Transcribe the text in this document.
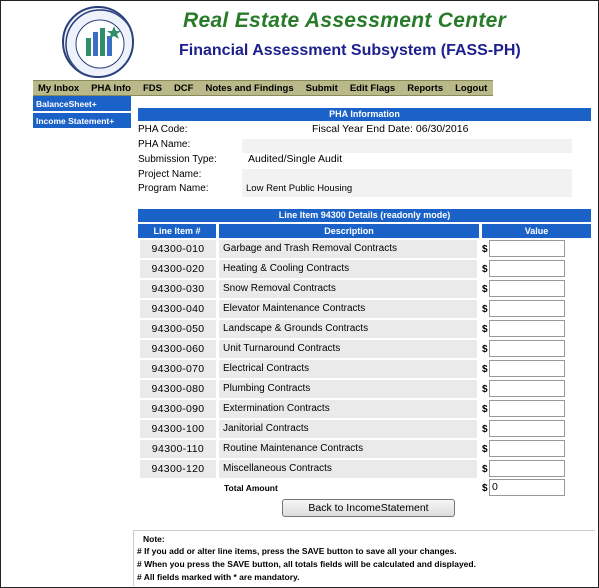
Real Estate Assessment Center
Financial Assessment Subsystem (FASS-PH)
My Inbox	PHA Info	FDS	DCF	Notes and Findings	Submit	Edit Flags	Reports	Logout
BalanceSheet+
Income Statement+
PHA Information
PHA Code:	Fiscal Year End Date: 06/30/2016
PHA Name:
Submission Type:	Audited/Single Audit
Project Name:
Program Name:	Low Rent Public Housing
Line Item 94300 Details (readonly mode)
Line Item #	Description	Value
94300-010	Garbage and Trash Removal Contracts	$
94300-020	Heating & Cooling Contracts	$
94300-030	Snow Removal Contracts	$
94300-040	Elevator Maintenance Contracts	$
94300-050	Landscape & Grounds Contracts	$
94300-060	Unit Turnaround Contracts	$
94300-070	Electrical Contracts	$
94300-080	Plumbing Contracts	$
94300-090	Extermination Contracts	$
94300-100	Janitorial Contracts	$
94300-110	Routine Maintenance Contracts	$
94300-120	Miscellaneous Contracts	$
Total Amount	$ 0
Back to IncomeStatement
Note:
# If you add or alter line items, press the SAVE button to save all your changes.
# When you press the SAVE button, all totals fields will be calculated and displayed.
# All fields marked with * are mandatory.
